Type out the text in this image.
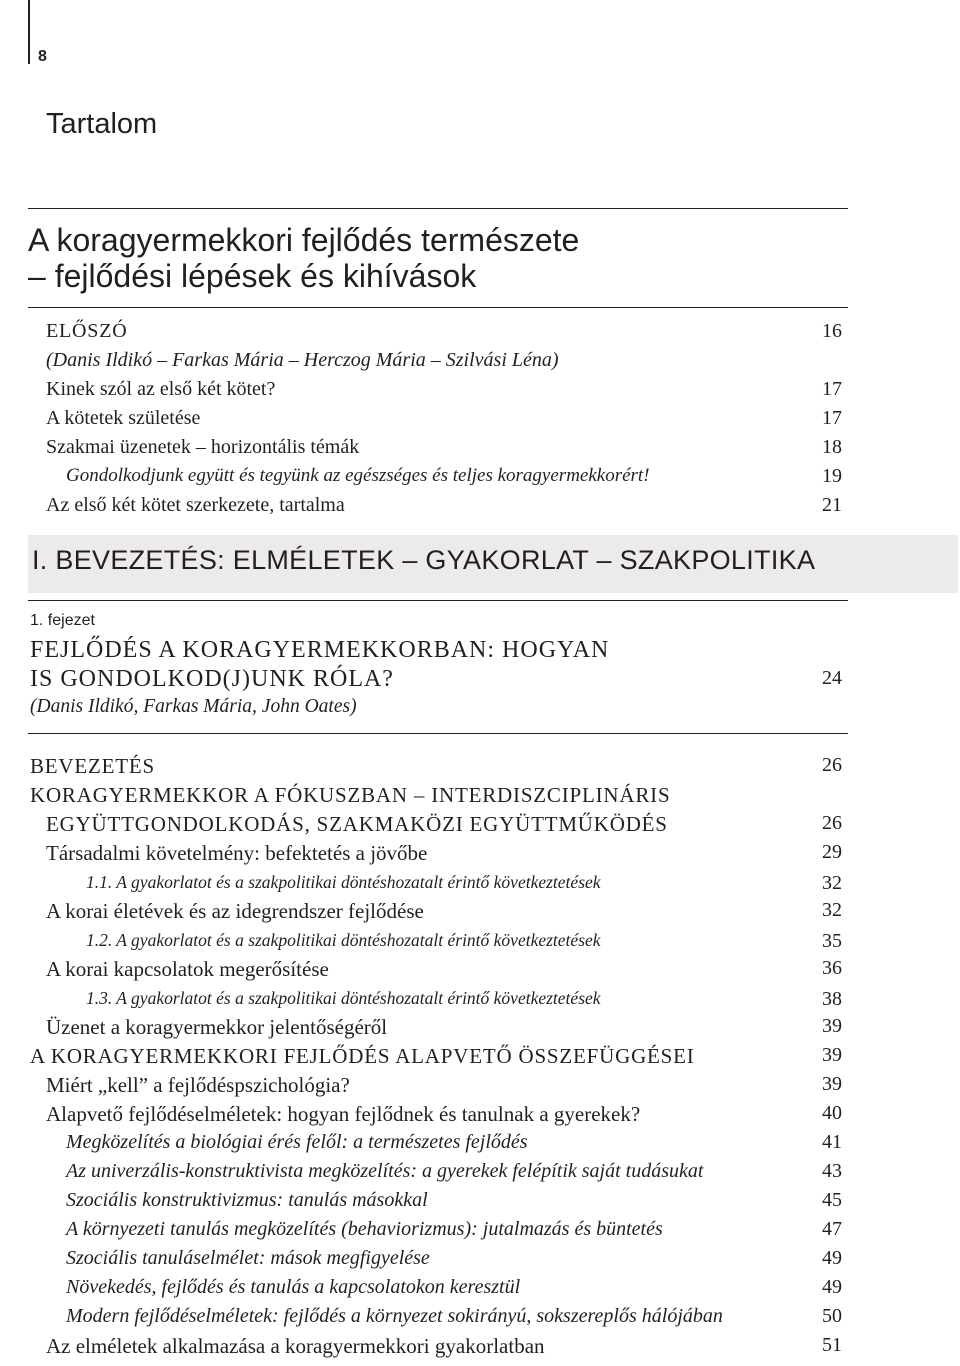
8
Tartalom
A koragyermekkori fejlődés természete
– fejlődési lépések és kihívások
ELŐSZÓ	16
(Danis Ildikó – Farkas Mária – Herczog Mária – Szilvási Léna)
Kinek szól az első két kötet?	17
A kötetek születése	17
Szakmai üzenetek – horizontális témák	18
Gondolkodjunk együtt és tegyünk az egészséges és teljes koragyermekkorért!	19
Az első két kötet szerkezete, tartalma	21
I. BEVEZETÉS: ELMÉLETEK – GYAKORLAT – SZAKPOLITIKA
1. fejezet
FEJLŐDÉS A KORAGYERMEKKORBAN: HOGYAN
IS GONDOLKOD(J)UNK RÓLA?	24
(Danis Ildikó, Farkas Mária, John Oates)
BEVEZETÉS	26
KORAGYERMEKKOR A FÓKUSZBAN – INTERDISZCIPLINÁRIS
EGYÜTTGONDOLKODÁS, SZAKMAKÖZI EGYÜTTMŰKÖDÉS	26
Társadalmi követelmény: befektetés a jövőbe	29
1.1. A gyakorlatot és a szakpolitikai döntéshozatalt érintő következtetések	32
A korai életévek és az idegrendszer fejlődése	32
1.2. A gyakorlatot és a szakpolitikai döntéshozatalt érintő következtetések	35
A korai kapcsolatok megerősítése	36
1.3. A gyakorlatot és a szakpolitikai döntéshozatalt érintő következtetések	38
Üzenet a koragyermekkor jelentőségéről	39
A KORAGYERMEKKORI FEJLŐDÉS ALAPVETŐ ÖSSZEFÜGGÉSEI	39
Miért „kell” a fejlődéspszichológia?	39
Alapvető fejlődéselméletek: hogyan fejlődnek és tanulnak a gyerekek?	40
Megközelítés a biológiai érés felől: a természetes fejlődés	41
Az univerzális-konstruktivista megközelítés: a gyerekek felépítik saját tudásukat	43
Szociális konstruktivizmus: tanulás másokkal	45
A környezeti tanulás megközelítés (behaviorizmus): jutalmazás és büntetés	47
Szociális tanuláselmélet: mások megfigyelése	49
Növekedés, fejlődés és tanulás a kapcsolatokon keresztül	49
Modern fejlődéselméletek: fejlődés a környezet sokirányú, sokszereplős hálójában	50
Az elméletek alkalmazása a koragyermekkori gyakorlatban	51
